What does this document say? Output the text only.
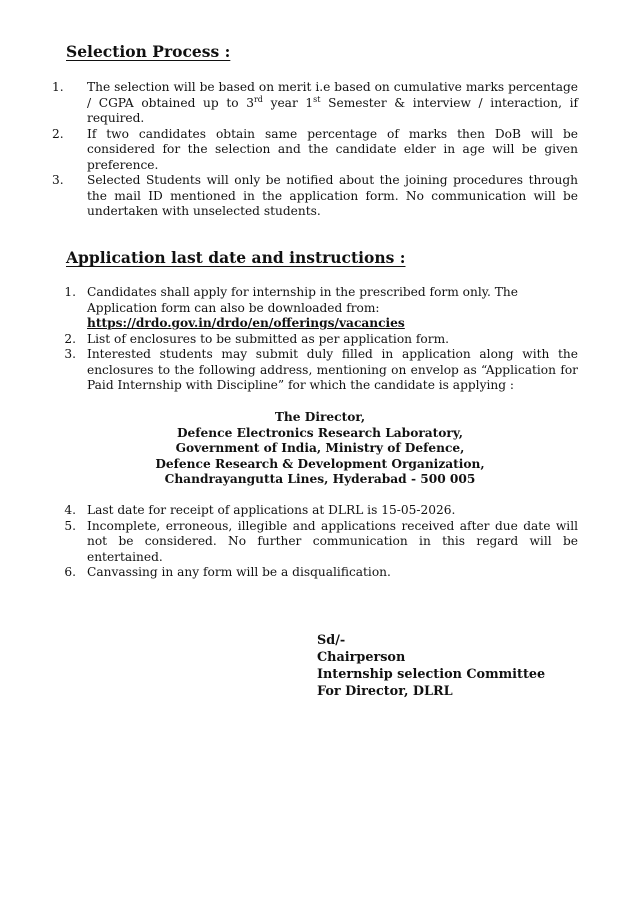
Selection Process :
1.	The selection will be based on merit i.e based on cumulative marks percentage / CGPA obtained up to 3rd year 1st Semester & interview / interaction, if required.
2.	If two candidates obtain same percentage of marks then DoB will be considered for the selection and the candidate elder in age will be given preference.
3.	Selected Students will only be notified about the joining procedures through the mail ID mentioned in the application form. No communication will be undertaken with unselected students.
Application last date and instructions :
1. Candidates shall apply for internship in the prescribed form only. The Application form can also be downloaded from:
https://drdo.gov.in/drdo/en/offerings/vacancies
2. List of enclosures to be submitted as per application form.
3. Interested students may submit duly filled in application along with the enclosures to the following address, mentioning on envelop as “Application for Paid Internship with Discipline” for which the candidate is applying :
The Director,
Defence Electronics Research Laboratory,
Government of India, Ministry of Defence,
Defence Research & Development Organization,
Chandrayangutta Lines, Hyderabad - 500 005
4. Last date for receipt of applications at DLRL is 15-05-2026.
5. Incomplete, erroneous, illegible and applications received after due date will not be considered. No further communication in this regard will be entertained.
6. Canvassing in any form will be a disqualification.
Sd/-
Chairperson
Internship selection Committee
For Director, DLRL
